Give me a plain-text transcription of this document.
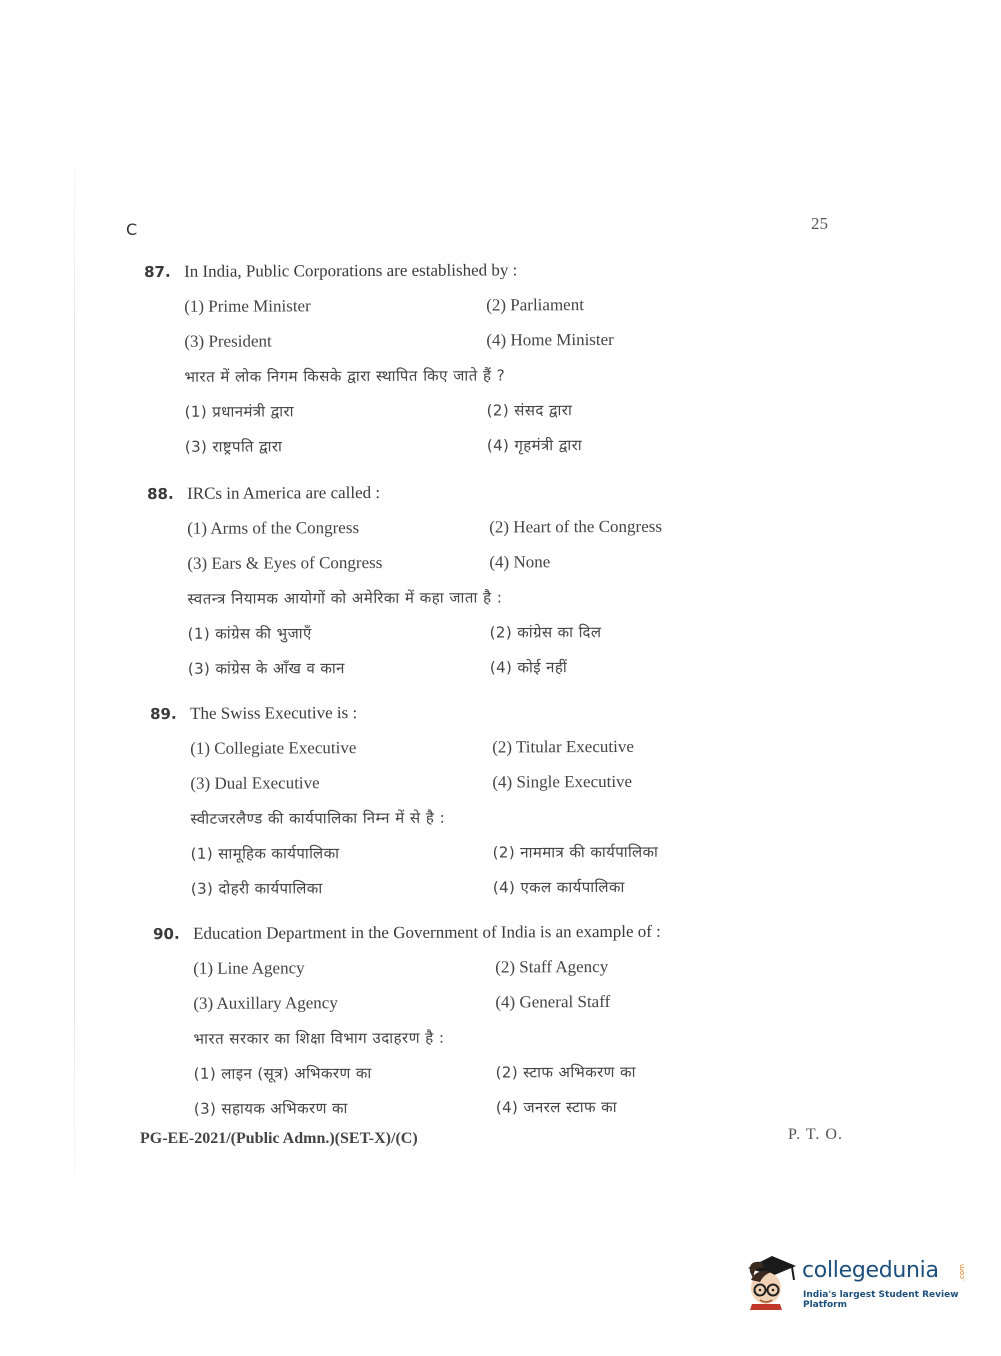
C	25
87. In India, Public Corporations are established by :
(1) Prime Minister	(2) Parliament
(3) President	(4) Home Minister
भारत में लोक निगम किसके द्वारा स्थापित किए जाते हैं ?
(1) प्रधानमंत्री द्वारा	(2) संसद द्वारा
(3) राष्ट्रपति द्वारा	(4) गृहमंत्री द्वारा
88. IRCs in America are called :
(1) Arms of the Congress	(2) Heart of the Congress
(3) Ears & Eyes of Congress	(4) None
स्वतन्त्र नियामक आयोगों को अमेरिका में कहा जाता है :
(1) कांग्रेस की भुजाएँ	(2) कांग्रेस का दिल
(3) कांग्रेस के आँख व कान	(4) कोई नहीं
89. The Swiss Executive is :
(1) Collegiate Executive	(2) Titular Executive
(3) Dual Executive	(4) Single Executive
स्वीटजरलैण्ड की कार्यपालिका निम्न में से है :
(1) सामूहिक कार्यपालिका	(2) नाममात्र की कार्यपालिका
(3) दोहरी कार्यपालिका	(4) एकल कार्यपालिका
90. Education Department in the Government of India is an example of :
(1) Line Agency	(2) Staff Agency
(3) Auxillary Agency	(4) General Staff
भारत सरकार का शिक्षा विभाग उदाहरण है :
(1) लाइन (सूत्र) अभिकरण का	(2) स्टाफ अभिकरण का
(3) सहायक अभिकरण का	(4) जनरल स्टाफ का
PG-EE-2021/(Public Admn.)(SET-X)/(C)	P. T. O.
collegedunia	.com
India's largest Student Review Platform
